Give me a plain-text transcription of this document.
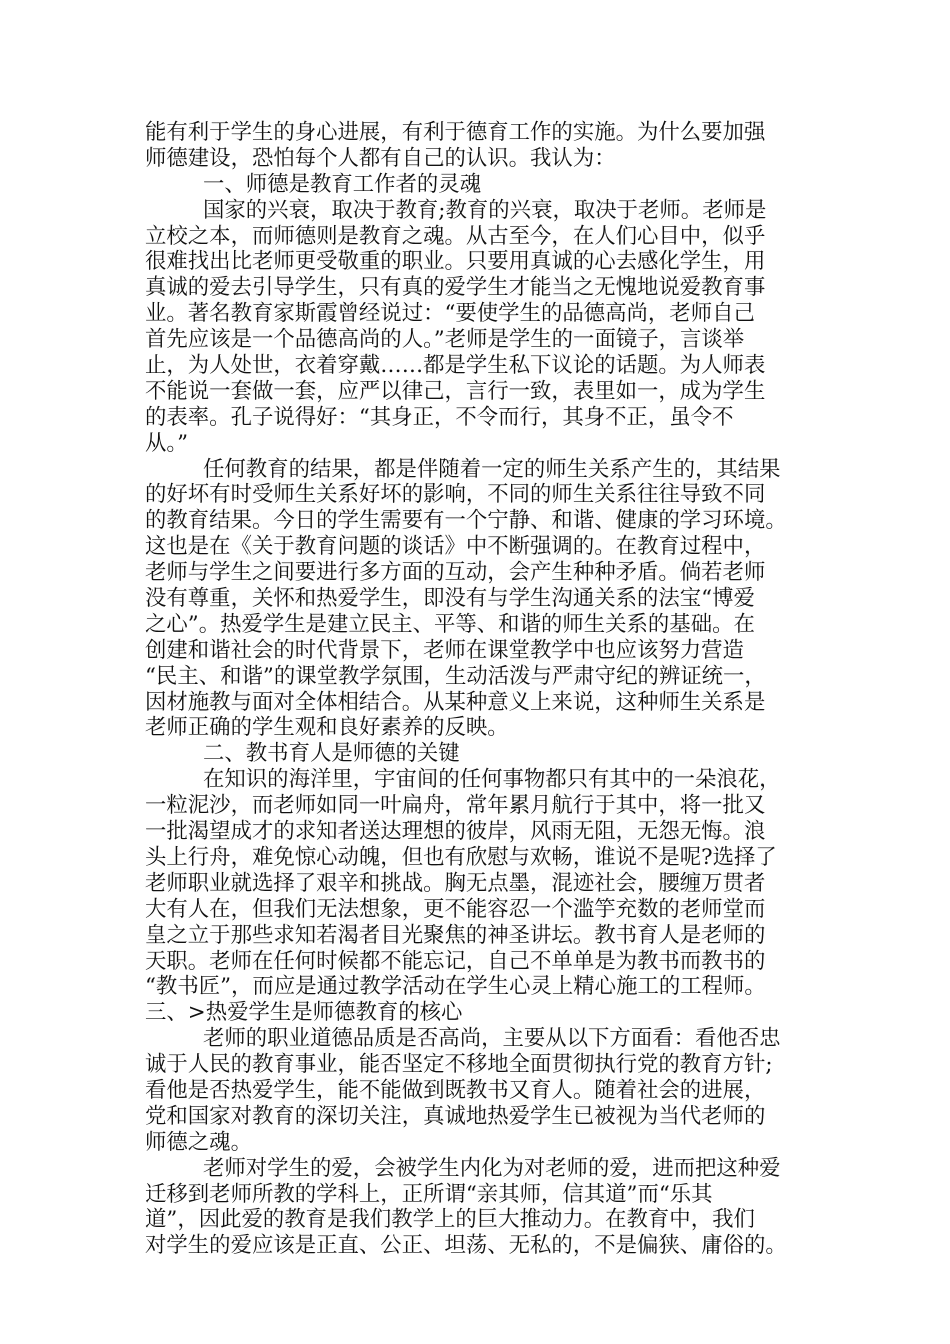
能有利于学生的身心进展，有利于德育工作的实施。为什么要加强
师德建设，恐怕每个人都有自己的认识。我认为：
一、师德是教育工作者的灵魂
国家的兴衰，取决于教育;教育的兴衰，取决于老师。老师是
立校之本，而师德则是教育之魂。从古至今，在人们心目中，似乎
很难找出比老师更受敬重的职业。只要用真诚的心去感化学生，用
真诚的爱去引导学生，只有真的爱学生才能当之无愧地说爱教育事
业。著名教育家斯霞曾经说过：“要使学生的品德高尚，老师自己
首先应该是一个品德高尚的人。”老师是学生的一面镜子，言谈举
止，为人处世，衣着穿戴……都是学生私下议论的话题。为人师表
不能说一套做一套，应严以律己，言行一致，表里如一，成为学生
的表率。孔子说得好：“其身正，不令而行，其身不正，虽令不
从。”
任何教育的结果，都是伴随着一定的师生关系产生的，其结果
的好坏有时受师生关系好坏的影响，不同的师生关系往往导致不同
的教育结果。今日的学生需要有一个宁静、和谐、健康的学习环境。
这也是在《关于教育问题的谈话》中不断强调的。在教育过程中，
老师与学生之间要进行多方面的互动，会产生种种矛盾。倘若老师
没有尊重，关怀和热爱学生，即没有与学生沟通关系的法宝“博爱
之心”。热爱学生是建立民主、平等、和谐的师生关系的基础。在
创建和谐社会的时代背景下，老师在课堂教学中也应该努力营造
“民主、和谐”的课堂教学氛围，生动活泼与严肃守纪的辨证统一，
因材施教与面对全体相结合。从某种意义上来说，这种师生关系是
老师正确的学生观和良好素养的反映。
二、教书育人是师德的关键
在知识的海洋里，宇宙间的任何事物都只有其中的一朵浪花，
一粒泥沙，而老师如同一叶扁舟，常年累月航行于其中，将一批又
一批渴望成才的求知者送达理想的彼岸，风雨无阻，无怨无悔。浪
头上行舟，难免惊心动魄，但也有欣慰与欢畅，谁说不是呢?选择了
老师职业就选择了艰辛和挑战。胸无点墨，混迹社会，腰缠万贯者
大有人在，但我们无法想象，更不能容忍一个滥竽充数的老师堂而
皇之立于那些求知若渴者目光聚焦的神圣讲坛。教书育人是老师的
天职。老师在任何时候都不能忘记，自己不单单是为教书而教书的
“教书匠”，而应是通过教学活动在学生心灵上精心施工的工程师。
三、>热爱学生是师德教育的核心
老师的职业道德品质是否高尚，主要从以下方面看：看他否忠
诚于人民的教育事业，能否坚定不移地全面贯彻执行党的教育方针;
看他是否热爱学生，能不能做到既教书又育人。随着社会的进展，
党和国家对教育的深切关注，真诚地热爱学生已被视为当代老师的
师德之魂。
老师对学生的爱，会被学生内化为对老师的爱，进而把这种爱
迁移到老师所教的学科上，正所谓“亲其师，信其道”而“乐其
道”，因此爱的教育是我们教学上的巨大推动力。在教育中，我们
对学生的爱应该是正直、公正、坦荡、无私的，不是偏狭、庸俗的。
